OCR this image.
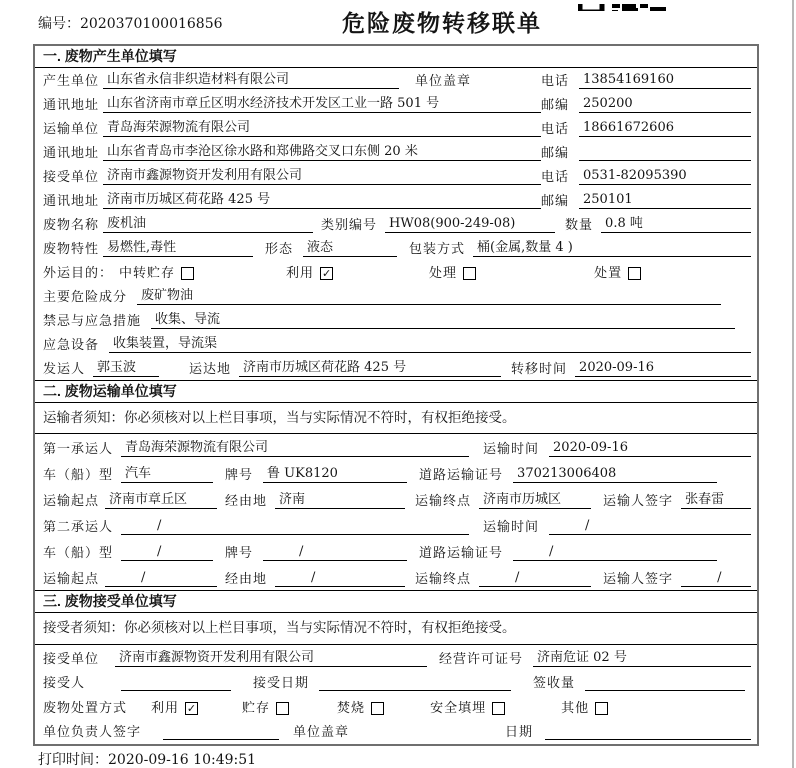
编号：2020370100016856	危险废物转移联单
一. 废物产生单位填写
产生单位 山东省永信非织造材料有限公司	单位盖章	电话	13854169160
通讯地址 山东省济南市章丘区明水经济技术开发区工业一路 501 号	邮编	250200
运输单位 青岛海荣源物流有限公司	电话	18661672606
通讯地址 山东省青岛市李沧区徐水路和郑佛路交叉口东侧 20 米	邮编
接受单位 济南市鑫源物资开发利用有限公司	电话	0531-82095390
通讯地址 济南市历城区荷花路 425 号	邮编	250101
废物名称 废机油	类别编号 HW08(900-249-08)	数量 0.8 吨
废物特性 易燃性,毒性	形态	液态	包装方式 桶(金属,数量 4 )
外运目的： 中转贮存	利用 ✓	处理	处置
主要危险成分	废矿物油
禁忌与应急措施	收集、导流
应急设备	收集装置，导流渠
发运人 郭玉波	运达地 济南市历城区荷花路 425 号	转移时间 2020-09-16
二. 废物运输单位填写
运输者须知：你必须核对以上栏目事项，当与实际情况不符时，有权拒绝接受。
第一承运人 青岛海荣源物流有限公司	运输时间	2020-09-16
车（船）型 汽车	牌号	鲁 UK8120	道路运输证号	370213006408
运输起点 济南市章丘区	经由地 济南	运输终点 济南市历城区	运输人签字 张春雷
第二承运人	/	运输时间	/
车（船）型	/	牌号	/	道路运输证号	/
运输起点	/	经由地	/	运输终点	/	运输人签字	/
三. 废物接受单位填写
接受者须知：你必须核对以上栏目事项，当与实际情况不符时，有权拒绝接受。
接受单位	济南市鑫源物资开发利用有限公司	经营许可证号	济南危证 02 号
接受人	接受日期	签收量
废物处置方式 利用 ✓	贮存	焚烧	安全填埋	其他
单位负责人签字	单位盖章	日期
打印时间：2020-09-16 10:49:51
